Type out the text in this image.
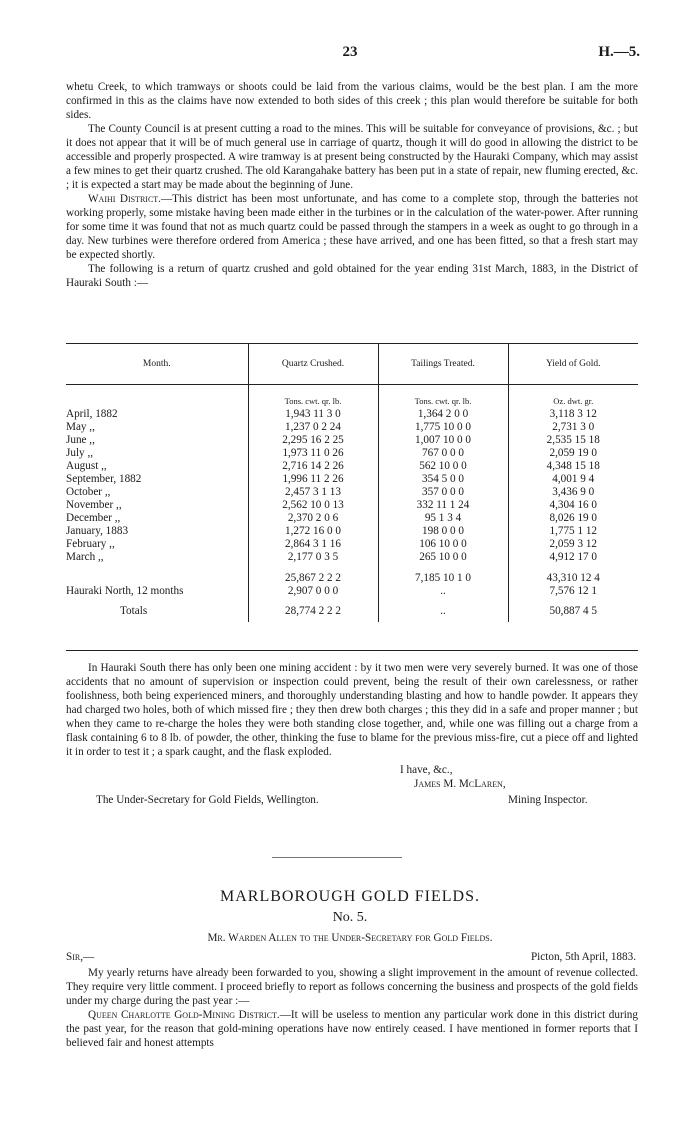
23	H.—5.

whetu Creek, to which tramways or shoots could be laid from the various claims, would be the best plan. I am the more confirmed in this as the claims have now extended to both sides of this creek ; this plan would therefore be suitable for both sides.

The County Council is at present cutting a road to the mines. This will be suitable for conveyance of provisions, &c. ; but it does not appear that it will be of much general use in carriage of quartz, though it will do good in allowing the district to be accessible and properly prospected. A wire tramway is at present being constructed by the Hauraki Company, which may assist a few mines to get their quartz crushed. The old Karangahake battery has been put in a state of repair, new fluming erected, &c. ; it is expected a start may be made about the beginning of June.

Waihi District.—This district has been most unfortunate, and has come to a complete stop, through the batteries not working properly, some mistake having been made either in the turbines or in the calculation of the water-power. After running for some time it was found that not as much quartz could be passed through the stampers in a week as ought to go through in a day. New turbines were therefore ordered from America ; these have arrived, and one has been fitted, so that a fresh start may be expected shortly.

The following is a return of quartz crushed and gold obtained for the year ending 31st March, 1883, in the District of Hauraki South :—

Month.	Quartz Crushed.	Tailings Treated.	Yield of Gold.
	Tons. cwt. qr. lb.	Tons. cwt. qr. lb.	Oz. dwt. gr.
April, 1882	1,943 11 3 0	1,364 2 0 0	3,118 3 12
May ,,	1,237 0 2 24	1,775 10 0 0	2,731 3 0
June ,,	2,295 16 2 25	1,007 10 0 0	2,535 15 18
July ,,	1,973 11 0 26	767 0 0 0	2,059 19 0
August ,,	2,716 14 2 26	562 10 0 0	4,348 15 18
September, 1882	1,996 11 2 26	354 5 0 0	4,001 9 4
October ,,	2,457 3 1 13	357 0 0 0	3,436 9 0
November ,,	2,562 10 0 13	332 11 1 24	4,304 16 0
December ,,	2,370 2 0 6	95 1 3 4	8,026 19 0
January, 1883	1,272 16 0 0	198 0 0 0	1,775 1 12
February ,,	2,864 3 1 16	106 10 0 0	2,059 3 12
March ,,	2,177 0 3 5	265 10 0 0	4,912 17 0
	25,867 2 2 2	7,185 10 1 0	43,310 12 4
Hauraki North, 12 months	2,907 0 0 0	..	7,576 12 1
Totals	28,774 2 2 2	..	50,887 4 5

In Hauraki South there has only been one mining accident : by it two men were very severely burned. It was one of those accidents that no amount of supervision or inspection could prevent, being the result of their own carelessness, or rather foolishness, both being experienced miners, and thoroughly understanding blasting and how to handle powder. It appears they had charged two holes, both of which missed fire ; they then drew both charges ; this they did in a safe and proper manner ; but when they came to re-charge the holes they were both standing close together, and, while one was filling out a charge from a flask containing 6 to 8 lb. of powder, the other, thinking the fuse to blame for the previous miss-fire, cut a piece off and lighted it in order to test it ; a spark caught, and the flask exploded.

I have, &c.,
James M. McLaren,
The Under-Secretary for Gold Fields, Wellington.	Mining Inspector.
MARLBOROUGH GOLD FIELDS.
No. 5.
Mr. Warden Allen to the Under-Secretary for Gold Fields.
Sir,—	Picton, 5th April, 1883.

My yearly returns have already been forwarded to you, showing a slight improvement in the amount of revenue collected. They require very little comment. I proceed briefly to report as follows concerning the business and prospects of the gold fields under my charge during the past year :—

Queen Charlotte Gold-Mining District.—It will be useless to mention any particular work done in this district during the past year, for the reason that gold-mining operations have now entirely ceased. I have mentioned in former reports that I believed fair and honest attempts
